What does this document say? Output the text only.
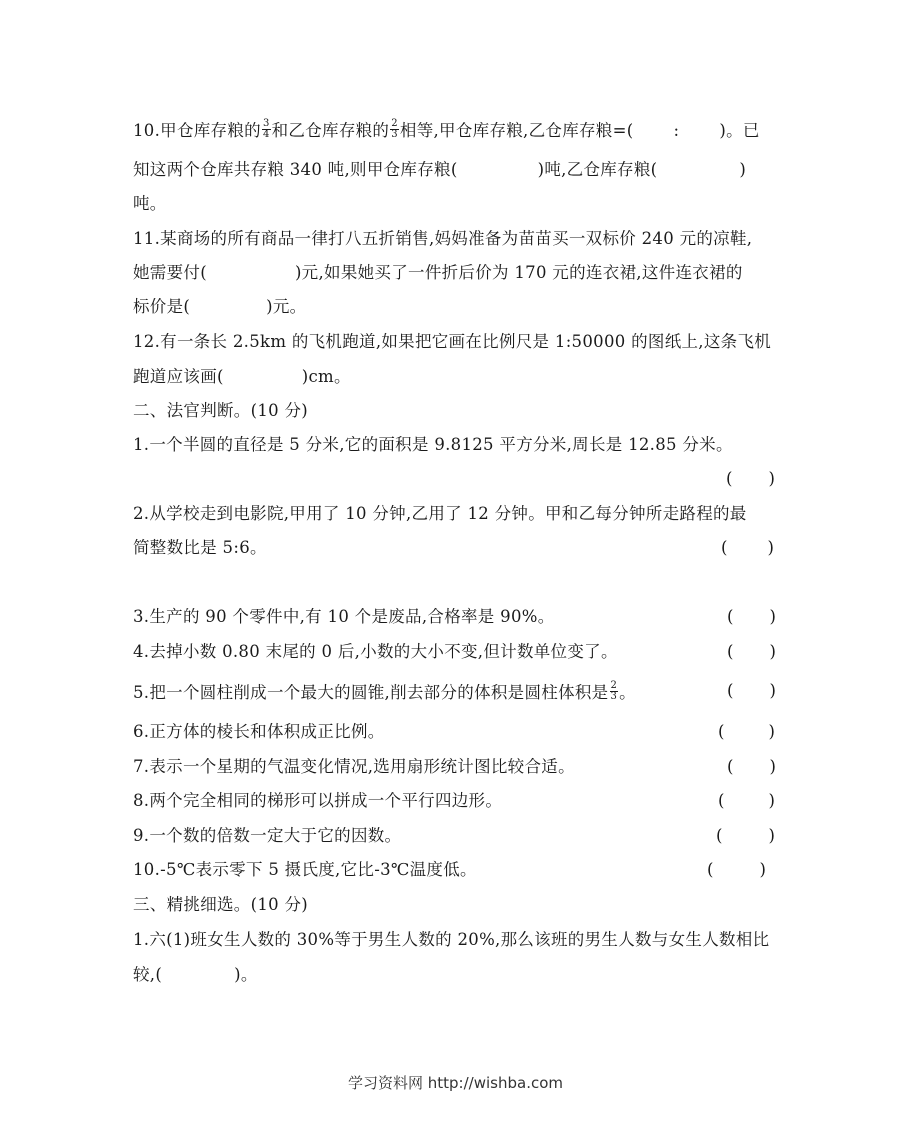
10.甲仓库存粮的 $\frac{3}{4}$ 和乙仓库存粮的 $\frac{2}{3}$ 相等,甲仓库存粮,乙仓库存粮=( : )。已
知这两个仓库共存粮 340 吨,则甲仓库存粮(	)吨,乙仓库存粮(	)
吨。
11.某商场的所有商品一律打八五折销售,妈妈准备为苗苗买一双标价 240 元的凉鞋,
她需要付(	)元,如果她买了一件折后价为 170 元的连衣裙,这件连衣裙的
标价是(	)元。
12.有一条长 2.5km 的飞机跑道,如果把它画在比例尺是 1:50000 的图纸上,这条飞机
跑道应该画(	)cm。
二、法官判断。(10 分)
1.一个半圆的直径是 5 分米,它的面积是 9.8125 平方分米,周长是 12.85 分米。
( )
2.从学校走到电影院,甲用了 10 分钟,乙用了 12 分钟。甲和乙每分钟所走路程的最
简整数比是 5:6。	( )
3.生产的 90 个零件中,有 10 个是废品,合格率是 90%。	( )
4.去掉小数 0.80 末尾的 0 后,小数的大小不变,但计数单位变了。	( )
5.把一个圆柱削成一个最大的圆锥,削去部分的体积是圆柱体积是 $\frac{2}{3}$ 。	( )
6.正方体的棱长和体积成正比例。	(	)
7.表示一个星期的气温变化情况,选用扇形统计图比较合适。	( )
8.两个完全相同的梯形可以拼成一个平行四边形。	(	)
9.一个数的倍数一定大于它的因数。	(	)
10.-5℃表示零下 5 摄氏度,它比-3℃温度低。	(	)
三、精挑细选。(10 分)
1.六(1)班女生人数的 30%等于男生人数的 20%,那么该班的男生人数与女生人数相比
较,(	)。
学习资料网 http://wishba.com
